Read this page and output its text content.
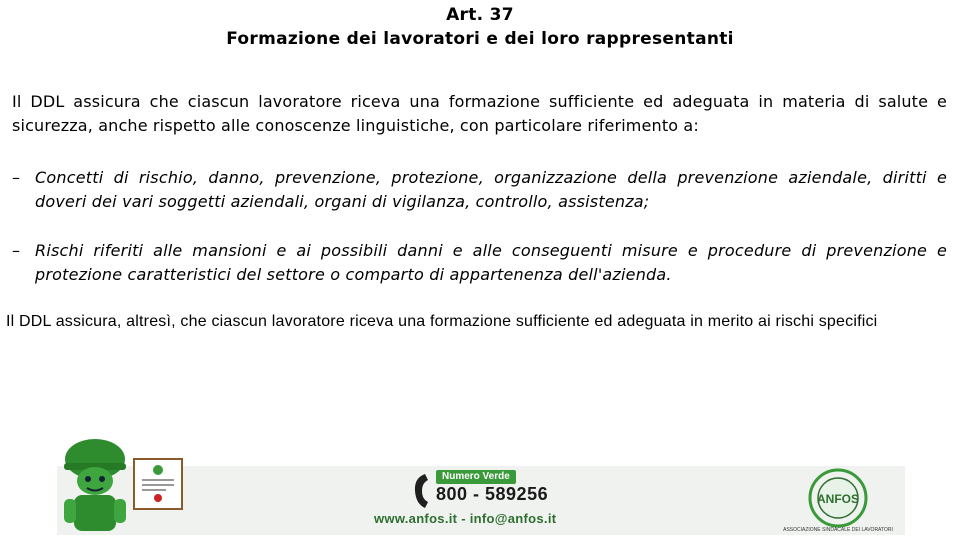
Art. 37
Formazione dei lavoratori e dei loro rappresentanti
Il DDL assicura che ciascun lavoratore riceva una formazione sufficiente ed adeguata in materia di salute e sicurezza, anche rispetto alle conoscenze linguistiche, con particolare riferimento a:
– Concetti di rischio, danno, prevenzione, protezione, organizzazione della prevenzione aziendale, diritti e doveri dei vari soggetti aziendali, organi di vigilanza, controllo, assistenza;
– Rischi riferiti alle mansioni e ai possibili danni e alle conseguenti misure e procedure di prevenzione e protezione caratteristici del settore o comparto di appartenenza dell'azienda.
Il DDL assicura, altresì, che ciascun lavoratore riceva una formazione sufficiente ed adeguata in merito ai rischi specifici
Numero Verde
800 - 589256
www.anfos.it - info@anfos.it
ANFOS
ASSOCIAZIONE SINDACALE DEI LAVORATORI
